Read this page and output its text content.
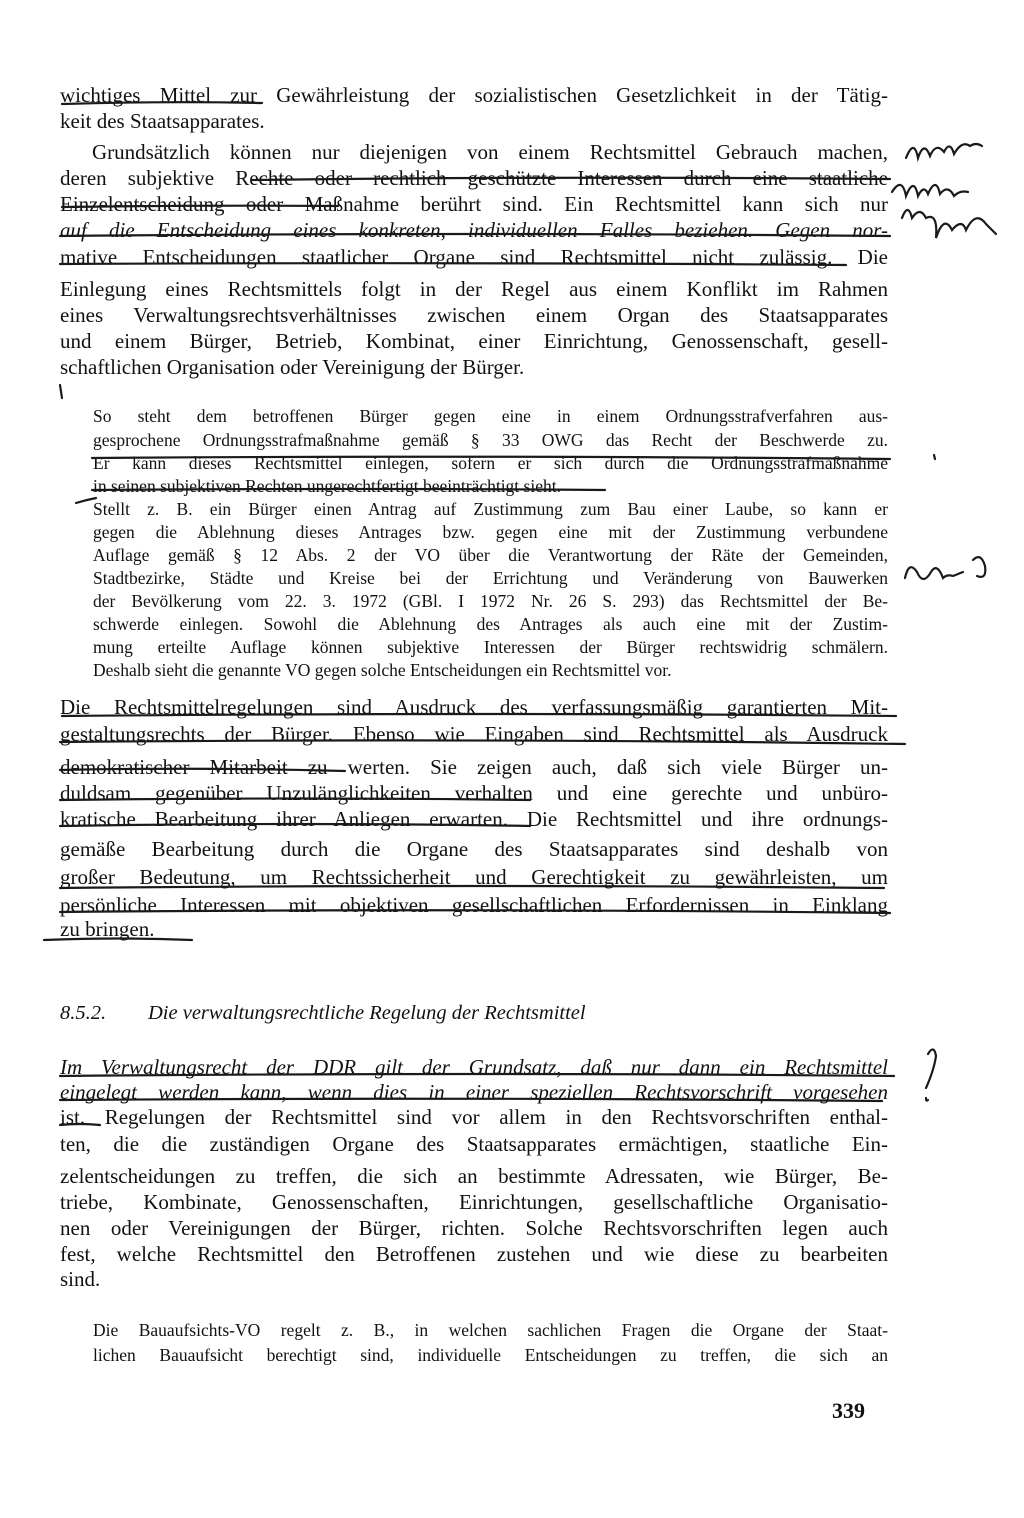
wichtiges Mittel zur Gewährleistung der sozialistischen Gesetzlichkeit in der Tätig-
keit des Staatsapparates.
Grundsätzlich können nur diejenigen von einem Rechtsmittel Gebrauch machen,
deren subjektive Rechte oder rechtlich geschützte Interessen durch eine staatliche
Einzelentscheidung oder Maßnahme berührt sind. Ein Rechtsmittel kann sich nur
auf die Entscheidung eines konkreten, individuellen Falles beziehen. Gegen nor-
mative Entscheidungen staatlicher Organe sind Rechtsmittel nicht zulässig. Die
Einlegung eines Rechtsmittels folgt in der Regel aus einem Konflikt im Rahmen
eines Verwaltungsrechtsverhältnisses zwischen einem Organ des Staatsapparates
und einem Bürger, Betrieb, Kombinat, einer Einrichtung, Genossenschaft, gesell-
schaftlichen Organisation oder Vereinigung der Bürger.
So steht dem betroffenen Bürger gegen eine in einem Ordnungsstrafverfahren aus-
gesprochene Ordnungsstrafmaßnahme gemäß § 33 OWG das Recht der Beschwerde zu.
Er kann dieses Rechtsmittel einlegen, sofern er sich durch die Ordnungsstrafmaßnahme
in seinen subjektiven Rechten ungerechtfertigt beeinträchtigt sieht.
Stellt z. B. ein Bürger einen Antrag auf Zustimmung zum Bau einer Laube, so kann er
gegen die Ablehnung dieses Antrages bzw. gegen eine mit der Zustimmung verbundene
Auflage gemäß § 12 Abs. 2 der VO über die Verantwortung der Räte der Gemeinden,
Stadtbezirke, Städte und Kreise bei der Errichtung und Veränderung von Bauwerken
der Bevölkerung vom 22. 3. 1972 (GBl. I 1972 Nr. 26 S. 293) das Rechtsmittel der Be-
schwerde einlegen. Sowohl die Ablehnung des Antrages als auch eine mit der Zustim-
mung erteilte Auflage können subjektive Interessen der Bürger rechtswidrig schmälern.
Deshalb sieht die genannte VO gegen solche Entscheidungen ein Rechtsmittel vor.
Die Rechtsmittelregelungen sind Ausdruck des verfassungsmäßig garantierten Mit-
gestaltungsrechts der Bürger. Ebenso wie Eingaben sind Rechtsmittel als Ausdruck
demokratischer Mitarbeit zu werten. Sie zeigen auch, daß sich viele Bürger un-
duldsam gegenüber Unzulänglichkeiten verhalten und eine gerechte und unbüro-
kratische Bearbeitung ihrer Anliegen erwarten. Die Rechtsmittel und ihre ordnungs-
gemäße Bearbeitung durch die Organe des Staatsapparates sind deshalb von
großer Bedeutung, um Rechtssicherheit und Gerechtigkeit zu gewährleisten, um
persönliche Interessen mit objektiven gesellschaftlichen Erfordernissen in Einklang
zu bringen.
8.5.2. Die verwaltungsrechtliche Regelung der Rechtsmittel
Im Verwaltungsrecht der DDR gilt der Grundsatz, daß nur dann ein Rechtsmittel
eingelegt werden kann, wenn dies in einer speziellen Rechtsvorschrift vorgesehen
ist. Regelungen der Rechtsmittel sind vor allem in den Rechtsvorschriften enthal-
ten, die die zuständigen Organe des Staatsapparates ermächtigen, staatliche Ein-
zelentscheidungen zu treffen, die sich an bestimmte Adressaten, wie Bürger, Be-
triebe, Kombinate, Genossenschaften, Einrichtungen, gesellschaftliche Organisatio-
nen oder Vereinigungen der Bürger, richten. Solche Rechtsvorschriften legen auch
fest, welche Rechtsmittel den Betroffenen zustehen und wie diese zu bearbeiten
sind.
Die Bauaufsichts-VO regelt z. B., in welchen sachlichen Fragen die Organe der Staat-
lichen Bauaufsicht berechtigt sind, individuelle Entscheidungen zu treffen, die sich an
339
